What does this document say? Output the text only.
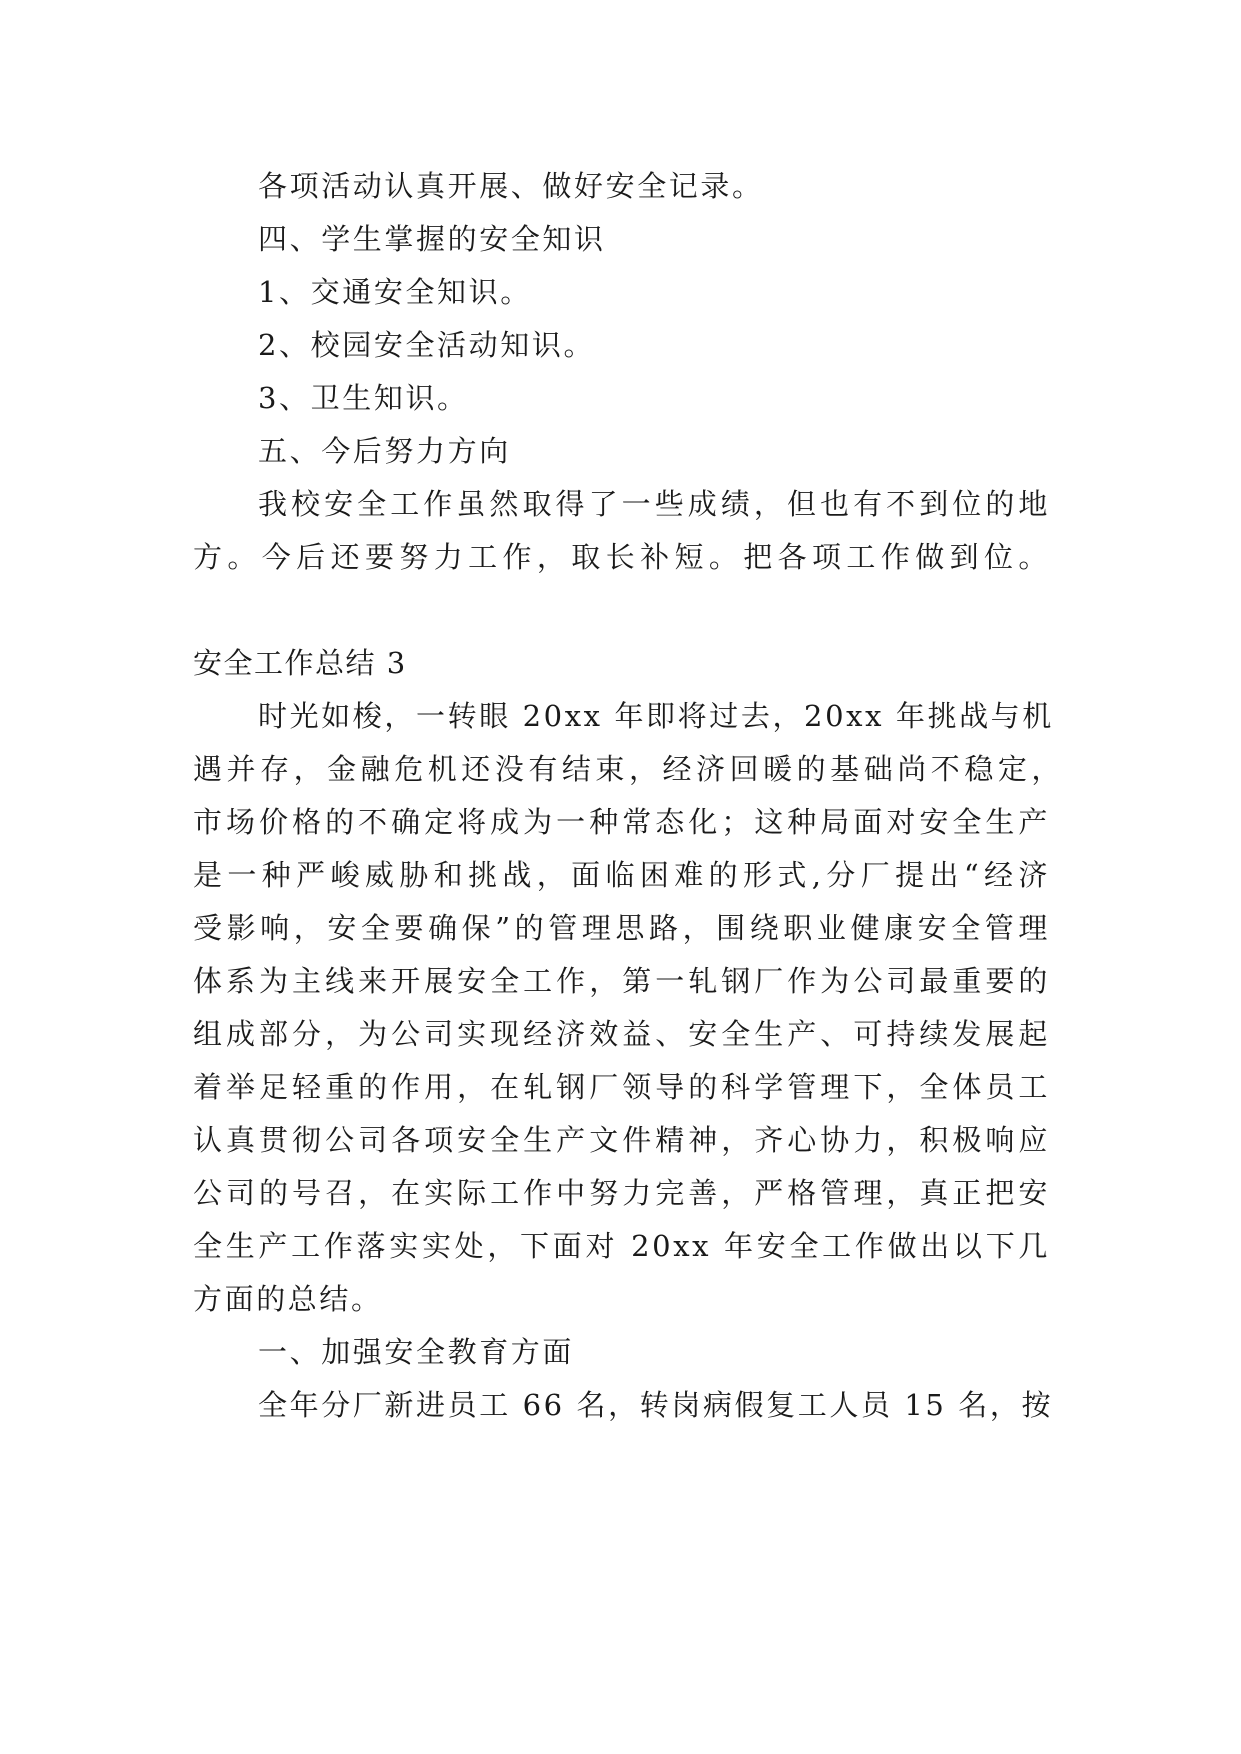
各项活动认真开展、做好安全记录。
四、学生掌握的安全知识
1、交通安全知识。
2、校园安全活动知识。
3、卫生知识。
五、今后努力方向
我校安全工作虽然取得了一些成绩，但也有不到位的地
方。今后还要努力工作，取长补短。把各项工作做到位。
安全工作总结 3
时光如梭，一转眼 20xx 年即将过去，20xx 年挑战与机
遇并存，金融危机还没有结束，经济回暖的基础尚不稳定，
市场价格的不确定将成为一种常态化；这种局面对安全生产
是一种严峻威胁和挑战，面临困难的形式,分厂提出“经济
受影响，安全要确保”的管理思路，围绕职业健康安全管理
体系为主线来开展安全工作，第一轧钢厂作为公司最重要的
组成部分，为公司实现经济效益、安全生产、可持续发展起
着举足轻重的作用，在轧钢厂领导的科学管理下，全体员工
认真贯彻公司各项安全生产文件精神，齐心协力，积极响应
公司的号召，在实际工作中努力完善，严格管理，真正把安
全生产工作落实实处，下面对 20xx 年安全工作做出以下几
方面的总结。
一、加强安全教育方面
全年分厂新进员工 66 名，转岗病假复工人员 15 名，按
